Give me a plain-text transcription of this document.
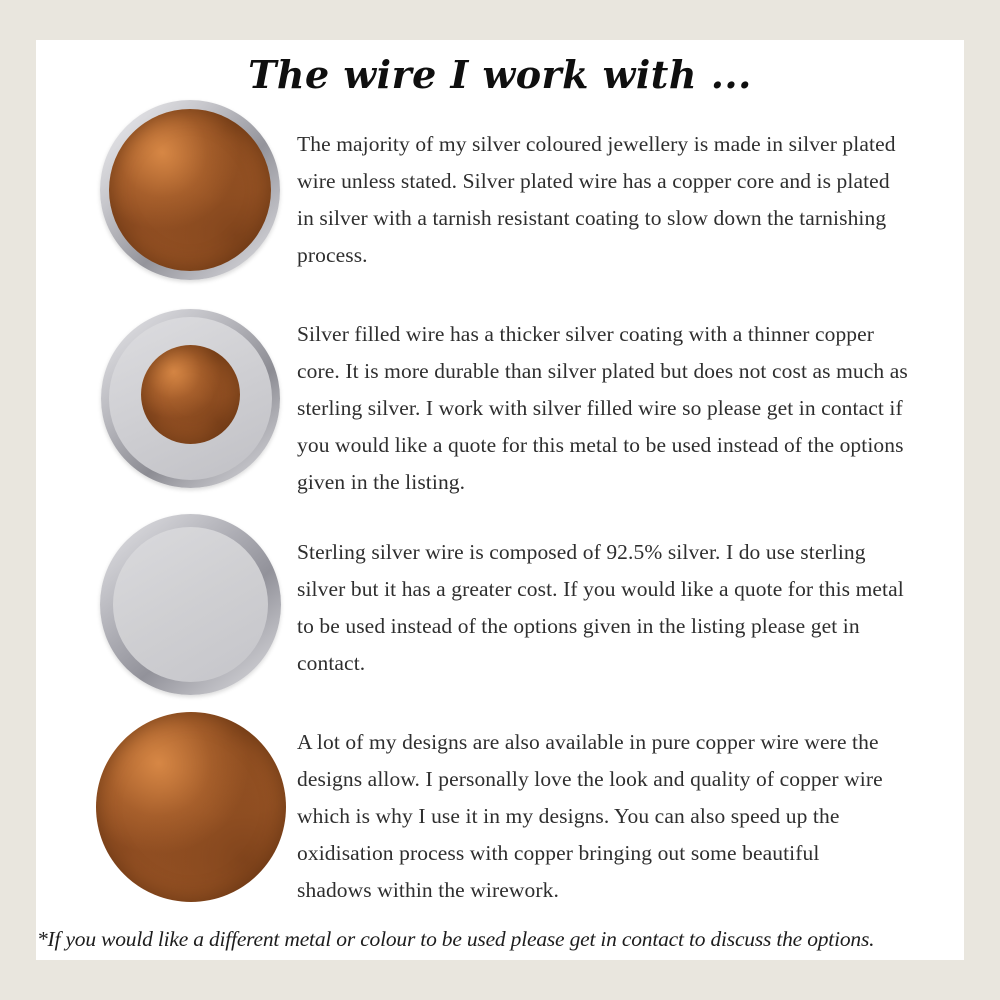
The wire I work with ...
The majority of my silver coloured jewellery is made in silver plated wire unless stated. Silver plated wire has a copper core and is plated in silver with a tarnish resistant coating to slow down the tarnishing process.
Silver filled wire has a thicker silver coating with a thinner copper core. It is more durable than silver plated but does not cost as much as sterling silver. I work with silver filled wire so please get in contact if you would like a quote for this metal to be used instead of the options given in the listing.
Sterling silver wire is composed of 92.5% silver. I do use sterling silver but it has a greater cost. If you would like a quote for this metal to be used instead of the options given in the listing please get in contact.
A lot of my designs are also available in pure copper wire were the designs allow. I personally love the look and quality of copper wire which is why I use it in my designs. You can also speed up the oxidisation process with copper bringing out some beautiful shadows within the wirework.
*If you would like a different metal or colour to be used please get in contact to discuss the options.
